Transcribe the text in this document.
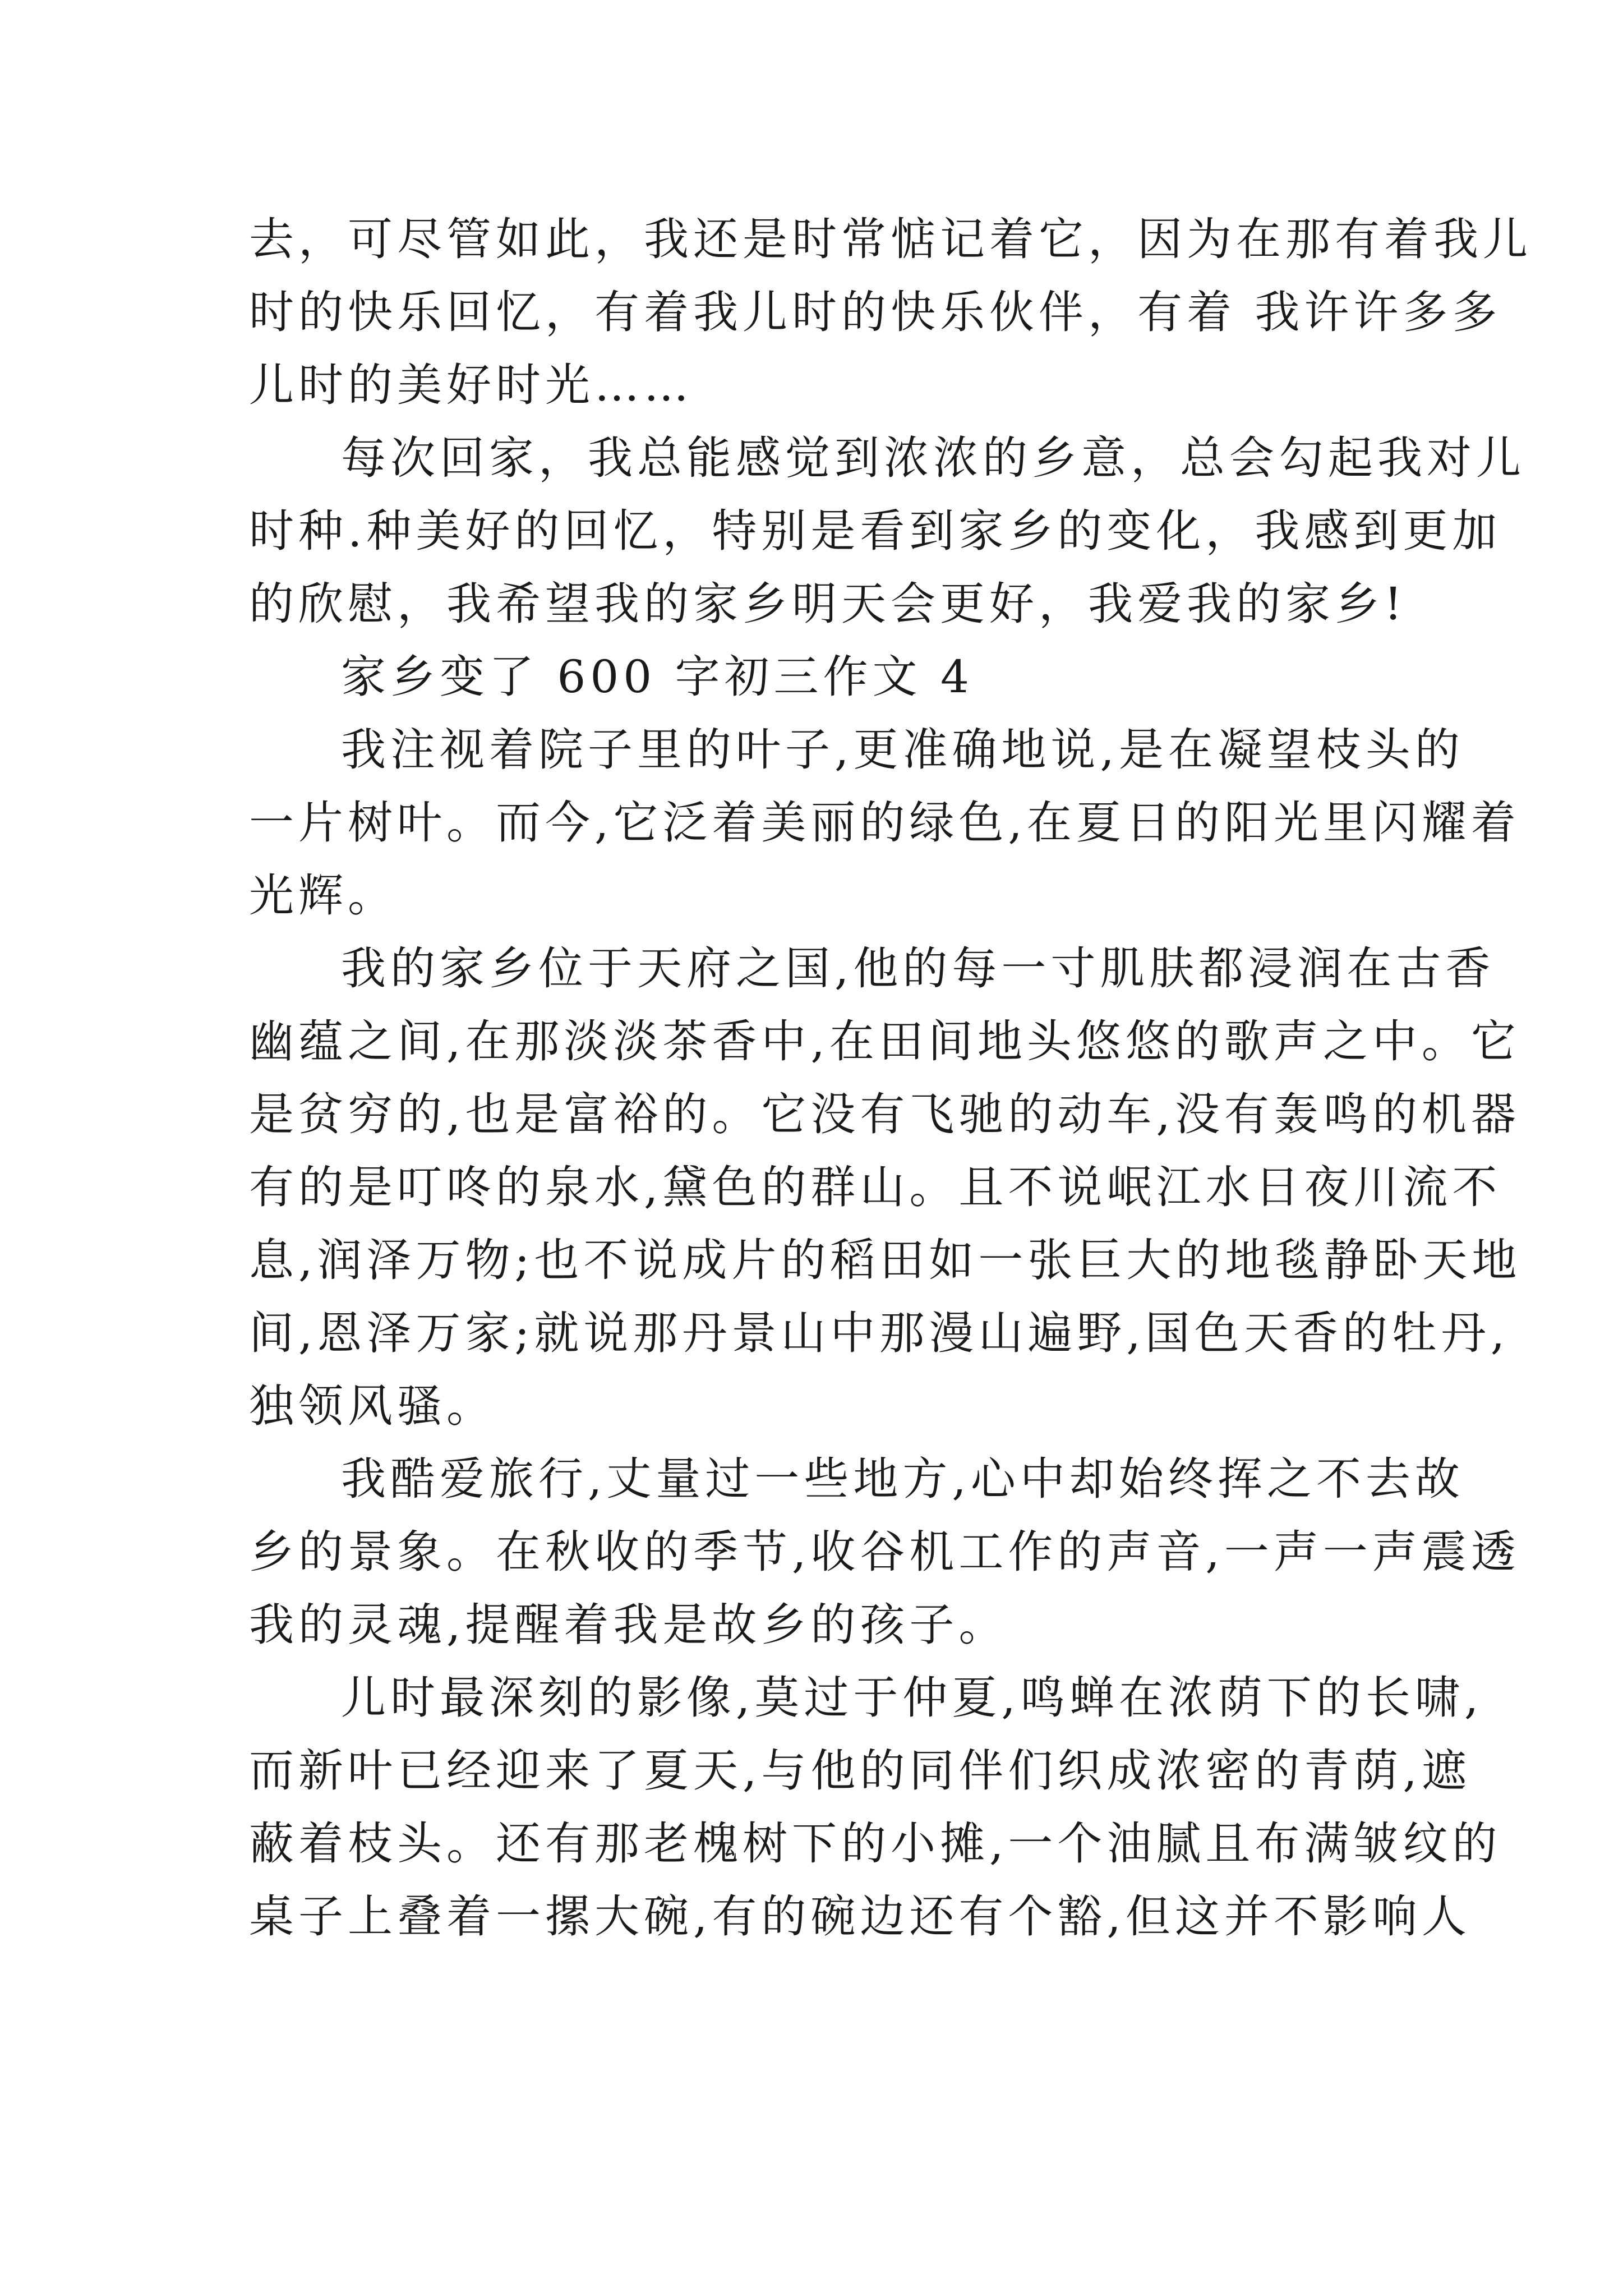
去，可尽管如此，我还是时常惦记着它，因为在那有着我儿
时的快乐回忆，有着我儿时的快乐伙伴，有着 我许许多多
儿时的美好时光……
每次回家，我总能感觉到浓浓的乡意，总会勾起我对儿
时种.种美好的回忆，特别是看到家乡的变化，我感到更加
的欣慰，我希望我的家乡明天会更好，我爱我的家乡!
家乡变了 600 字初三作文 4
我注视着院子里的叶子,更准确地说,是在凝望枝头的
一片树叶。而今,它泛着美丽的绿色,在夏日的阳光里闪耀着
光辉。
我的家乡位于天府之国,他的每一寸肌肤都浸润在古香
幽蕴之间,在那淡淡茶香中,在田间地头悠悠的歌声之中。它
是贫穷的,也是富裕的。它没有飞驰的动车,没有轰鸣的机器
有的是叮咚的泉水,黛色的群山。且不说岷江水日夜川流不
息,润泽万物;也不说成片的稻田如一张巨大的地毯静卧天地
间,恩泽万家;就说那丹景山中那漫山遍野,国色天香的牡丹,
独领风骚。
我酷爱旅行,丈量过一些地方,心中却始终挥之不去故
乡的景象。在秋收的季节,收谷机工作的声音,一声一声震透
我的灵魂,提醒着我是故乡的孩子。
儿时最深刻的影像,莫过于仲夏,鸣蝉在浓荫下的长啸,
而新叶已经迎来了夏天,与他的同伴们织成浓密的青荫,遮
蔽着枝头。还有那老槐树下的小摊,一个油腻且布满皱纹的
桌子上叠着一摞大碗,有的碗边还有个豁,但这并不影响人
